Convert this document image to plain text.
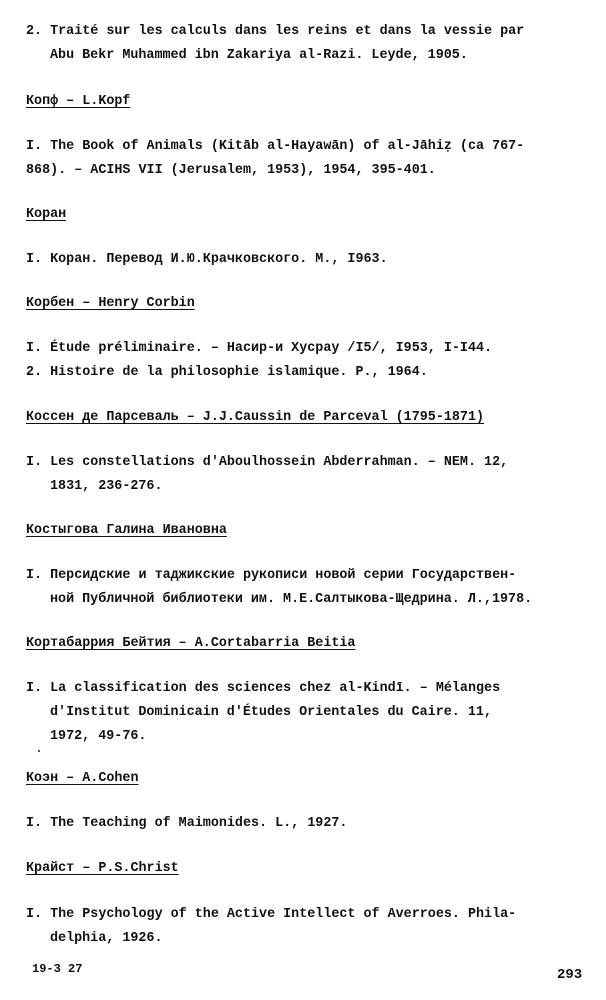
2. Traité sur les calculs dans les reins et dans la vessie par
Abu Bekr Muhammed ibn Zakariya al-Razi. Leyde, 1905.
Копф – L.Kopf
I. The Book of Animals (Kitāb al-Hayawān) of al-Jāhiẓ (ca 767-
868). – ACIHS VII (Jerusalem, 1953), 1954, 395-401.
Коран
I. Коран. Перевод И.Ю.Крачковского. М., I963.
Корбен – Henry Corbin
I. Étude préliminaire. – Насир-и Хусрау /I5/, I953, I-I44.
2. Histoire de la philosophie islamique. P., 1964.
Коссен де Парсеваль – J.J.Caussin de Parceval (1795-1871)
I. Les constellations d'Aboulhossein Abderrahman. – NEM. 12,
1831, 236-276.
Костыгова Галина Ивановна
I. Персидские и таджикские рукописи новой серии Государствен-
ной Публичной библиотеки им. М.Е.Салтыкова-Щедрина. Л.,1978.
Кортабаррия Бейтия – A.Cortabarria Beitia
I. La classification des sciences chez al-Kindī. – Mélanges
d'Institut Dominicain d'Études Orientales du Caire. 11,
1972, 49-76.
Коэн – A.Cohen
I. The Teaching of Maimonides. L., 1927.
Крайст – P.S.Christ
I. The Psychology of the Active Intellect of Averroes. Phila-
delphia, 1926.
19-3 27	293
